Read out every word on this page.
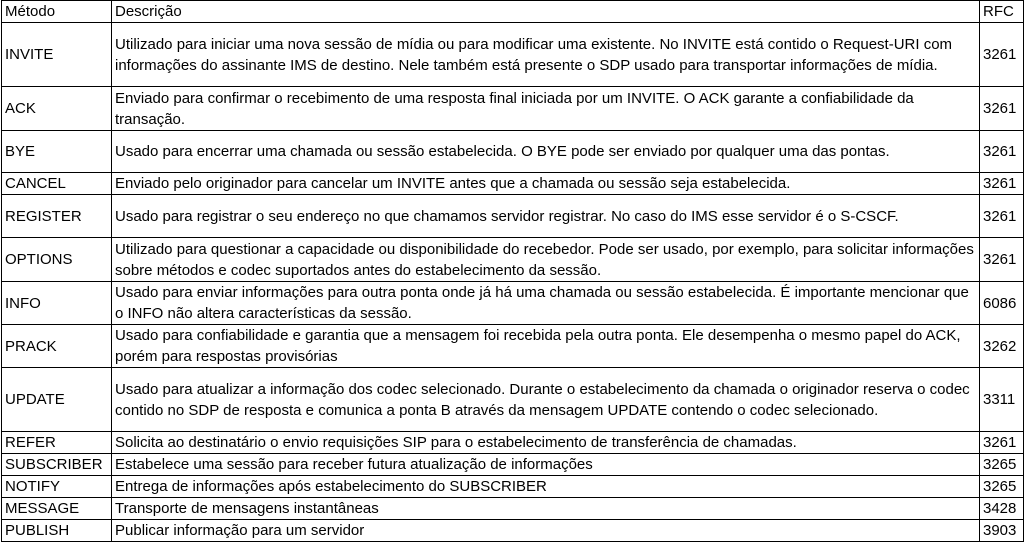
Método	Descrição	RFC
INVITE	Utilizado para iniciar uma nova sessão de mídia ou para modificar uma existente. No INVITE está contido o Request-URI com informações do assinante IMS de destino. Nele também está presente o SDP usado para transportar informações de mídia.	3261
ACK	Enviado para confirmar o recebimento de uma resposta final iniciada por um INVITE. O ACK garante a confiabilidade da transação.	3261
BYE	Usado para encerrar uma chamada ou sessão estabelecida. O BYE pode ser enviado por qualquer uma das pontas.	3261
CANCEL	Enviado pelo originador para cancelar um INVITE antes que a chamada ou sessão seja estabelecida.	3261
REGISTER	Usado para registrar o seu endereço no que chamamos servidor registrar. No caso do IMS esse servidor é o S-CSCF.	3261
OPTIONS	Utilizado para questionar a capacidade ou disponibilidade do recebedor. Pode ser usado, por exemplo, para solicitar informações sobre métodos e codec suportados antes do estabelecimento da sessão.	3261
INFO	Usado para enviar informações para outra ponta onde já há uma chamada ou sessão estabelecida. É importante mencionar que o INFO não altera características da sessão.	6086
PRACK	Usado para confiabilidade e garantia que a mensagem foi recebida pela outra ponta. Ele desempenha o mesmo papel do ACK, porém para respostas provisórias	3262
UPDATE	Usado para atualizar a informação dos codec selecionado. Durante o estabelecimento da chamada o originador reserva o codec contido no SDP de resposta e comunica a ponta B através da mensagem UPDATE contendo o codec selecionado.	3311
REFER	Solicita ao destinatário o envio requisições SIP para o estabelecimento de transferência de chamadas.	3261
SUBSCRIBER	Estabelece uma sessão para receber futura atualização de informações	3265
NOTIFY	Entrega de informações após estabelecimento do SUBSCRIBER	3265
MESSAGE	Transporte de mensagens instantâneas	3428
PUBLISH	Publicar informação para um servidor	3903
